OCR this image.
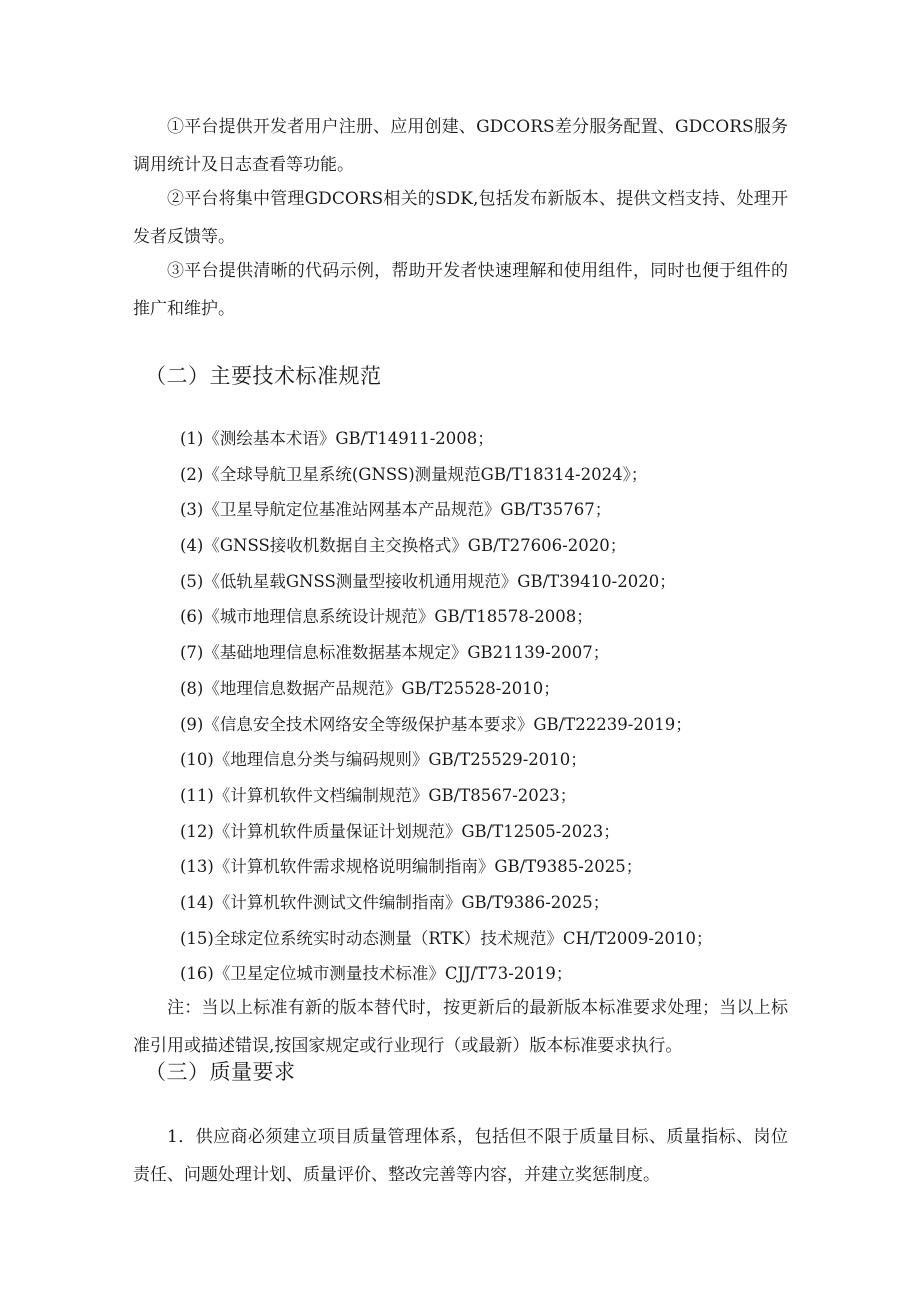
①平台提供开发者用户注册、应用创建、GDCORS差分服务配置、GDCORS服务调用统计及日志查看等功能。

②平台将集中管理GDCORS相关的SDK,包括发布新版本、提供文档支持、处理开发者反馈等。

③平台提供清晰的代码示例，帮助开发者快速理解和使用组件，同时也便于组件的推广和维护。

（二）主要技术标准规范
(1)《测绘基本术语》GB/T14911-2008；
(2)《全球导航卫星系统(GNSS)测量规范GB/T18314-2024》；
(3)《卫星导航定位基准站网基本产品规范》GB/T35767；
(4)《GNSS接收机数据自主交换格式》GB/T27606-2020；
(5)《低轨星载GNSS测量型接收机通用规范》GB/T39410-2020；
(6)《城市地理信息系统设计规范》GB/T18578-2008；
(7)《基础地理信息标准数据基本规定》GB21139-2007；
(8)《地理信息数据产品规范》GB/T25528-2010；
(9)《信息安全技术网络安全等级保护基本要求》GB/T22239-2019；
(10)《地理信息分类与编码规则》GB/T25529-2010；
(11)《计算机软件文档编制规范》GB/T8567-2023；
(12)《计算机软件质量保证计划规范》GB/T12505-2023；
(13)《计算机软件需求规格说明编制指南》GB/T9385-2025；
(14)《计算机软件测试文件编制指南》GB/T9386-2025；
(15)全球定位系统实时动态测量（RTK）技术规范》CH/T2009-2010；
(16)《卫星定位城市测量技术标准》CJJ/T73-2019；

注：当以上标准有新的版本替代时，按更新后的最新版本标准要求处理；当以上标准引用或描述错误,按国家规定或行业现行（或最新）版本标准要求执行。

（三）质量要求

1．供应商必须建立项目质量管理体系，包括但不限于质量目标、质量指标、岗位责任、问题处理计划、质量评价、整改完善等内容，并建立奖惩制度。
